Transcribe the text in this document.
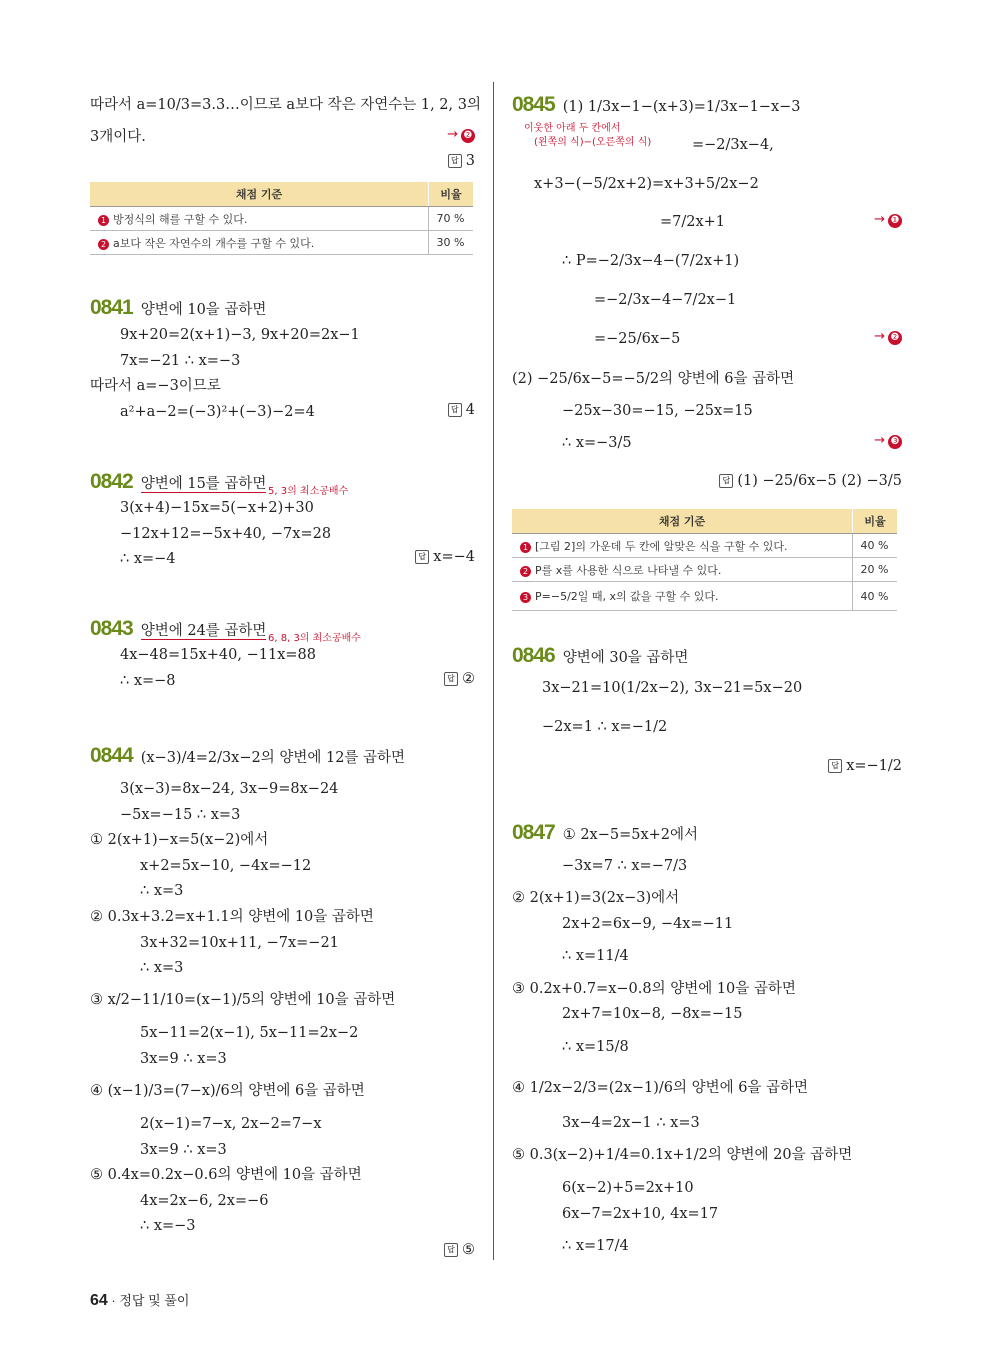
따라서 a=10/3=3.3…이므로 a보다 작은 자연수는 1, 2, 3의
3개이다.	→ ❷
답 3
채점 기준	비율
1 방정식의 해를 구할 수 있다.	70 %
2 a보다 작은 자연수의 개수를 구할 수 있다.	30 %
0841 양변에 10을 곱하면
9x+20=2(x+1)−3, 9x+20=2x−1
7x=−21 ∴ x=−3
따라서 a=−3이므로
a²+a−2=(−3)²+(−3)−2=4	답 4
0842 양변에 15를 곱하면 5, 3의 최소공배수
3(x+4)−15x=5(−x+2)+30
−12x+12=−5x+40, −7x=28
∴ x=−4	답 x=−4
0843 양변에 24를 곱하면 6, 8, 3의 최소공배수
4x−48=15x+40, −11x=88
∴ x=−8	답 ②
0844 (x−3)/4=2/3x−2의 양변에 12를 곱하면
3(x−3)=8x−24, 3x−9=8x−24
−5x=−15 ∴ x=3
① 2(x+1)−x=5(x−2)에서
x+2=5x−10, −4x=−12
∴ x=3
② 0.3x+3.2=x+1.1의 양변에 10을 곱하면
3x+32=10x+11, −7x=−21
∴ x=3
③ x/2−11/10=(x−1)/5의 양변에 10을 곱하면
5x−11=2(x−1), 5x−11=2x−2
3x=9 ∴ x=3
④ (x−1)/3=(7−x)/6의 양변에 6을 곱하면
2(x−1)=7−x, 2x−2=7−x
3x=9 ∴ x=3
⑤ 0.4x=0.2x−0.6의 양변에 10을 곱하면
4x=2x−6, 2x=−6
∴ x=−3
답 ⑤
0845 (1) 1/3x−1−(x+3)=1/3x−1−x−3
이웃한 아래 두 칸에서
(왼쪽의 식)−(오른쪽의 식)	=−2/3x−4,
x+3−(−5/2x+2)=x+3+5/2x−2
=7/2x+1	→ ❶
∴ P=−2/3x−4−(7/2x+1)
=−2/3x−4−7/2x−1
=−25/6x−5	→ ❷
(2) −25/6x−5=−5/2의 양변에 6을 곱하면
−25x−30=−15, −25x=15
∴ x=−3/5	→ ❸
답 (1) −25/6x−5 (2) −3/5
채점 기준	비율
1 [그림 2]의 가운데 두 칸에 알맞은 식을 구할 수 있다.	40 %
2 P를 x를 사용한 식으로 나타낼 수 있다.	20 %
3 P=−5/2일 때, x의 값을 구할 수 있다.	40 %
0846 양변에 30을 곱하면
3x−21=10(1/2x−2), 3x−21=5x−20
−2x=1 ∴ x=−1/2
답 x=−1/2
0847 ① 2x−5=5x+2에서
−3x=7 ∴ x=−7/3
② 2(x+1)=3(2x−3)에서
2x+2=6x−9, −4x=−11
∴ x=11/4
③ 0.2x+0.7=x−0.8의 양변에 10을 곱하면
2x+7=10x−8, −8x=−15
∴ x=15/8
④ 1/2x−2/3=(2x−1)/6의 양변에 6을 곱하면
3x−4=2x−1 ∴ x=3
⑤ 0.3(x−2)+1/4=0.1x+1/2의 양변에 20을 곱하면
6(x−2)+5=2x+10
6x−7=2x+10, 4x=17
∴ x=17/4
64 · 정답 및 풀이
